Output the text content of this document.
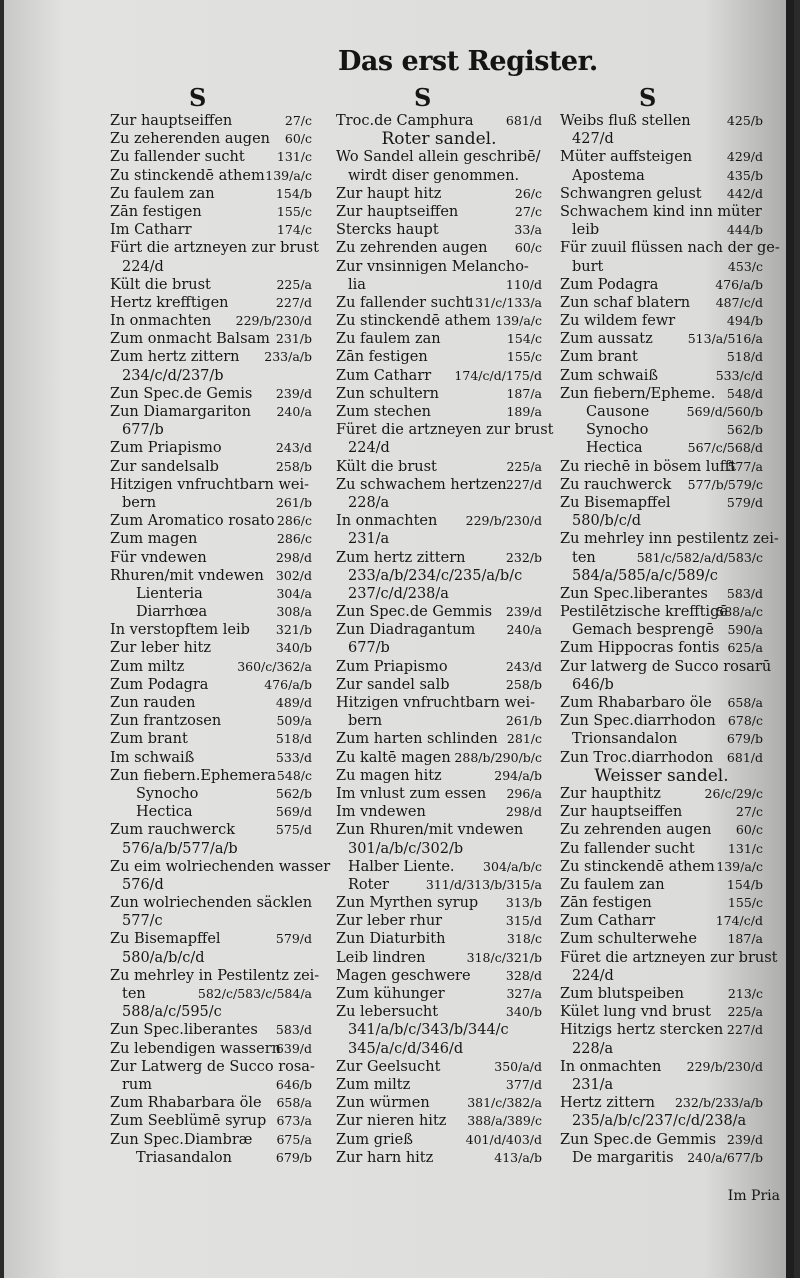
Das erst Register.
S	S	S
Zur hauptseiffen	27/c
Zu zeherenden augen 60/c
Zu fallender sucht	131/c
Zu stinckendē athem 139/a/c
Zu faulem zan	154/b
Zān festigen	155/c
Im Catharr	174/c
Fürt die artzneyen zur brust
224/d
Kült die brust	225/a
Hertz krefftigen	227/d
In onmachten 229/b/230/d
Zum onmacht Balsam 231/b
Zum hertz zittern 233/a/b
234/c/d/237/b
Zun Spec.de Gemis 239/d
Zun Diamargariton 240/a
677/b
Zum Priapismo	243/d
Zur sandelsalb	258/b
Hitzigen vnfruchtbarn wei-
bern	261/b
Zum Aromatico rosato 286/c
Zum magen	286/c
Für vndewen	298/d
Rhuren/mit vndewen 302/d
Lienteria	304/a
Diarrhœa	308/a
In verstopftem leib 321/b
Zur leber hitz	340/b
Zum miltz	360/c/362/a
Zum Podagra	476/a/b
Zun rauden	489/d
Zun frantzosen	509/a
Zum brant	518/d
Im schwaiß	533/d
Zun fiebern.Ephemera 548/c
Synocho	562/b
Hectica	569/d
Zum rauchwerck	575/d
576/a/b/577/a/b
Zu eim wolriechenden wasser
576/d
Zun wolriechenden säcklen
577/c
Zu Bisemapffel	579/d
580/a/b/c/d
Zu mehrley in Pestilentz zei-
ten	582/c/583/c/584/a
588/a/c/595/c
Zun Spec.liberantes 583/d
Zu lebendigen wassern
639/d
Zur Latwerg de Succo rosa-
rum	646/b
Zum Rhabarbara öle 658/a
Zum Seeblümē syrup 673/a
Zun Spec.Diambræ 675/a
Triasandalon	679/b
Troc.de Camphura	681/d
Roter sandel.
Wo Sandel allein geschribē/
wirdt diser genommen.
Zur haupt hitz	26/c
Zur hauptseiffen	27/c
Stercks haupt	33/a
Zu zehrenden augen 60/c
Zur vnsinnigen Melancho-
lia	110/d
Zu fallender sucht
131/c/133/a
Zu stinckendē athem 139/a/c
Zu faulem zan	154/c
Zān festigen	155/c
Zum Catharr 174/c/d/175/d
Zun schultern	187/a
Zum stechen	189/a
Füret die artzneyen zur brust
224/d
Kült die brust	225/a
Zu schwachem hertzen 227/d
228/a
In onmachten 229/b/230/d
231/a
Zum hertz zittern	232/b
233/a/b/234/c/235/a/b/c
237/c/d/238/a
Zun Spec.de Gemmis 239/d
Zun Diadragantum 240/a
677/b
Zum Priapismo	243/d
Zur sandel salb	258/b
Hitzigen vnfruchtbarn wei-
bern	261/b
Zum harten schlinden 281/c
Zu kaltē magen 288/b/290/b/c
Zu magen hitz	294/a/b
Im vnlust zum essen 296/a
Im vndewen	298/d
Zun Rhuren/mit vndewen
301/a/b/c/302/b
Halber Liente. 304/a/b/c
Roter	311/d/313/b/315/a
Zun Myrthen syrup 313/b
Zur leber rhur	315/d
Zun Diaturbith	318/c
Leib lindren	318/c/321/b
Magen geschwere	328/d
Zum kühunger	327/a
Zu lebersucht	340/b
341/a/b/c/343/b/344/c
345/a/c/d/346/d
Zur Geelsucht	350/a/d
Zum miltz	377/d
Zun würmen	381/c/382/a
Zur nieren hitz 388/a/389/c
Zum grieß	401/d/403/d
Zur harn hitz	413/a/b
Weibs fluß stellen	425/b
427/d
Müter auffsteigen	429/d
Apostema	435/b
Schwangren gelust 442/d
Schwachem kind inn müter
leib	444/b
Für zuuil flüssen nach der ge-
burt	453/c
Zum Podagra	476/a/b
Zun schaf blatern 487/c/d
Zu wildem fewr	494/b
Zum aussatz	513/a/516/a
Zum brant	518/d
Zum schwaiß	533/c/d
Zun fiebern/Epheme. 548/d
Causone	569/d/560/b
Synocho	562/b
Hectica	567/c/568/d
Zu riechē in bösem lufft
577/a
Zu rauchwerck 577/b/579/c
Zu Bisemapffel	579/d
580/b/c/d
Zu mehrley inn pestilentz zei-
ten	581/c/582/a/d/583/c
584/a/585/a/c/589/c
Zun Spec.liberantes 583/d
Pestilētzische krefftigē
588/a/c
Gemach besprengē 590/a
Zum Hippocras fontis 625/a
Zur latwerg de Succo rosarū
646/b
Zum Rhabarbaro öle 658/a
Zun Spec.diarrhodon 678/c
Trionsandalon	679/b
Zun Troc.diarrhodon 681/d
Weisser sandel.
Zur haupthitz	26/c/29/c
Zur hauptseiffen	27/c
Zu zehrenden augen 60/c
Zu fallender sucht	131/c
Zu stinckendē athem 139/a/c
Zu faulem zan	154/b
Zān festigen	155/c
Zum Catharr	174/c/d
Zum schulterwehe 187/a
Füret die artzneyen zur brust
224/d
Zum blutspeiben	213/c
Kület lung vnd brust 225/a
Hitzigs hertz stercken 227/d
228/a
In onmachten 229/b/230/d
231/a
Hertz zittern 232/b/233/a/b
235/a/b/c/237/c/d/238/a
Zun Spec.de Gemmis 239/d
De margaritis 240/a/677/b
Im Pria
